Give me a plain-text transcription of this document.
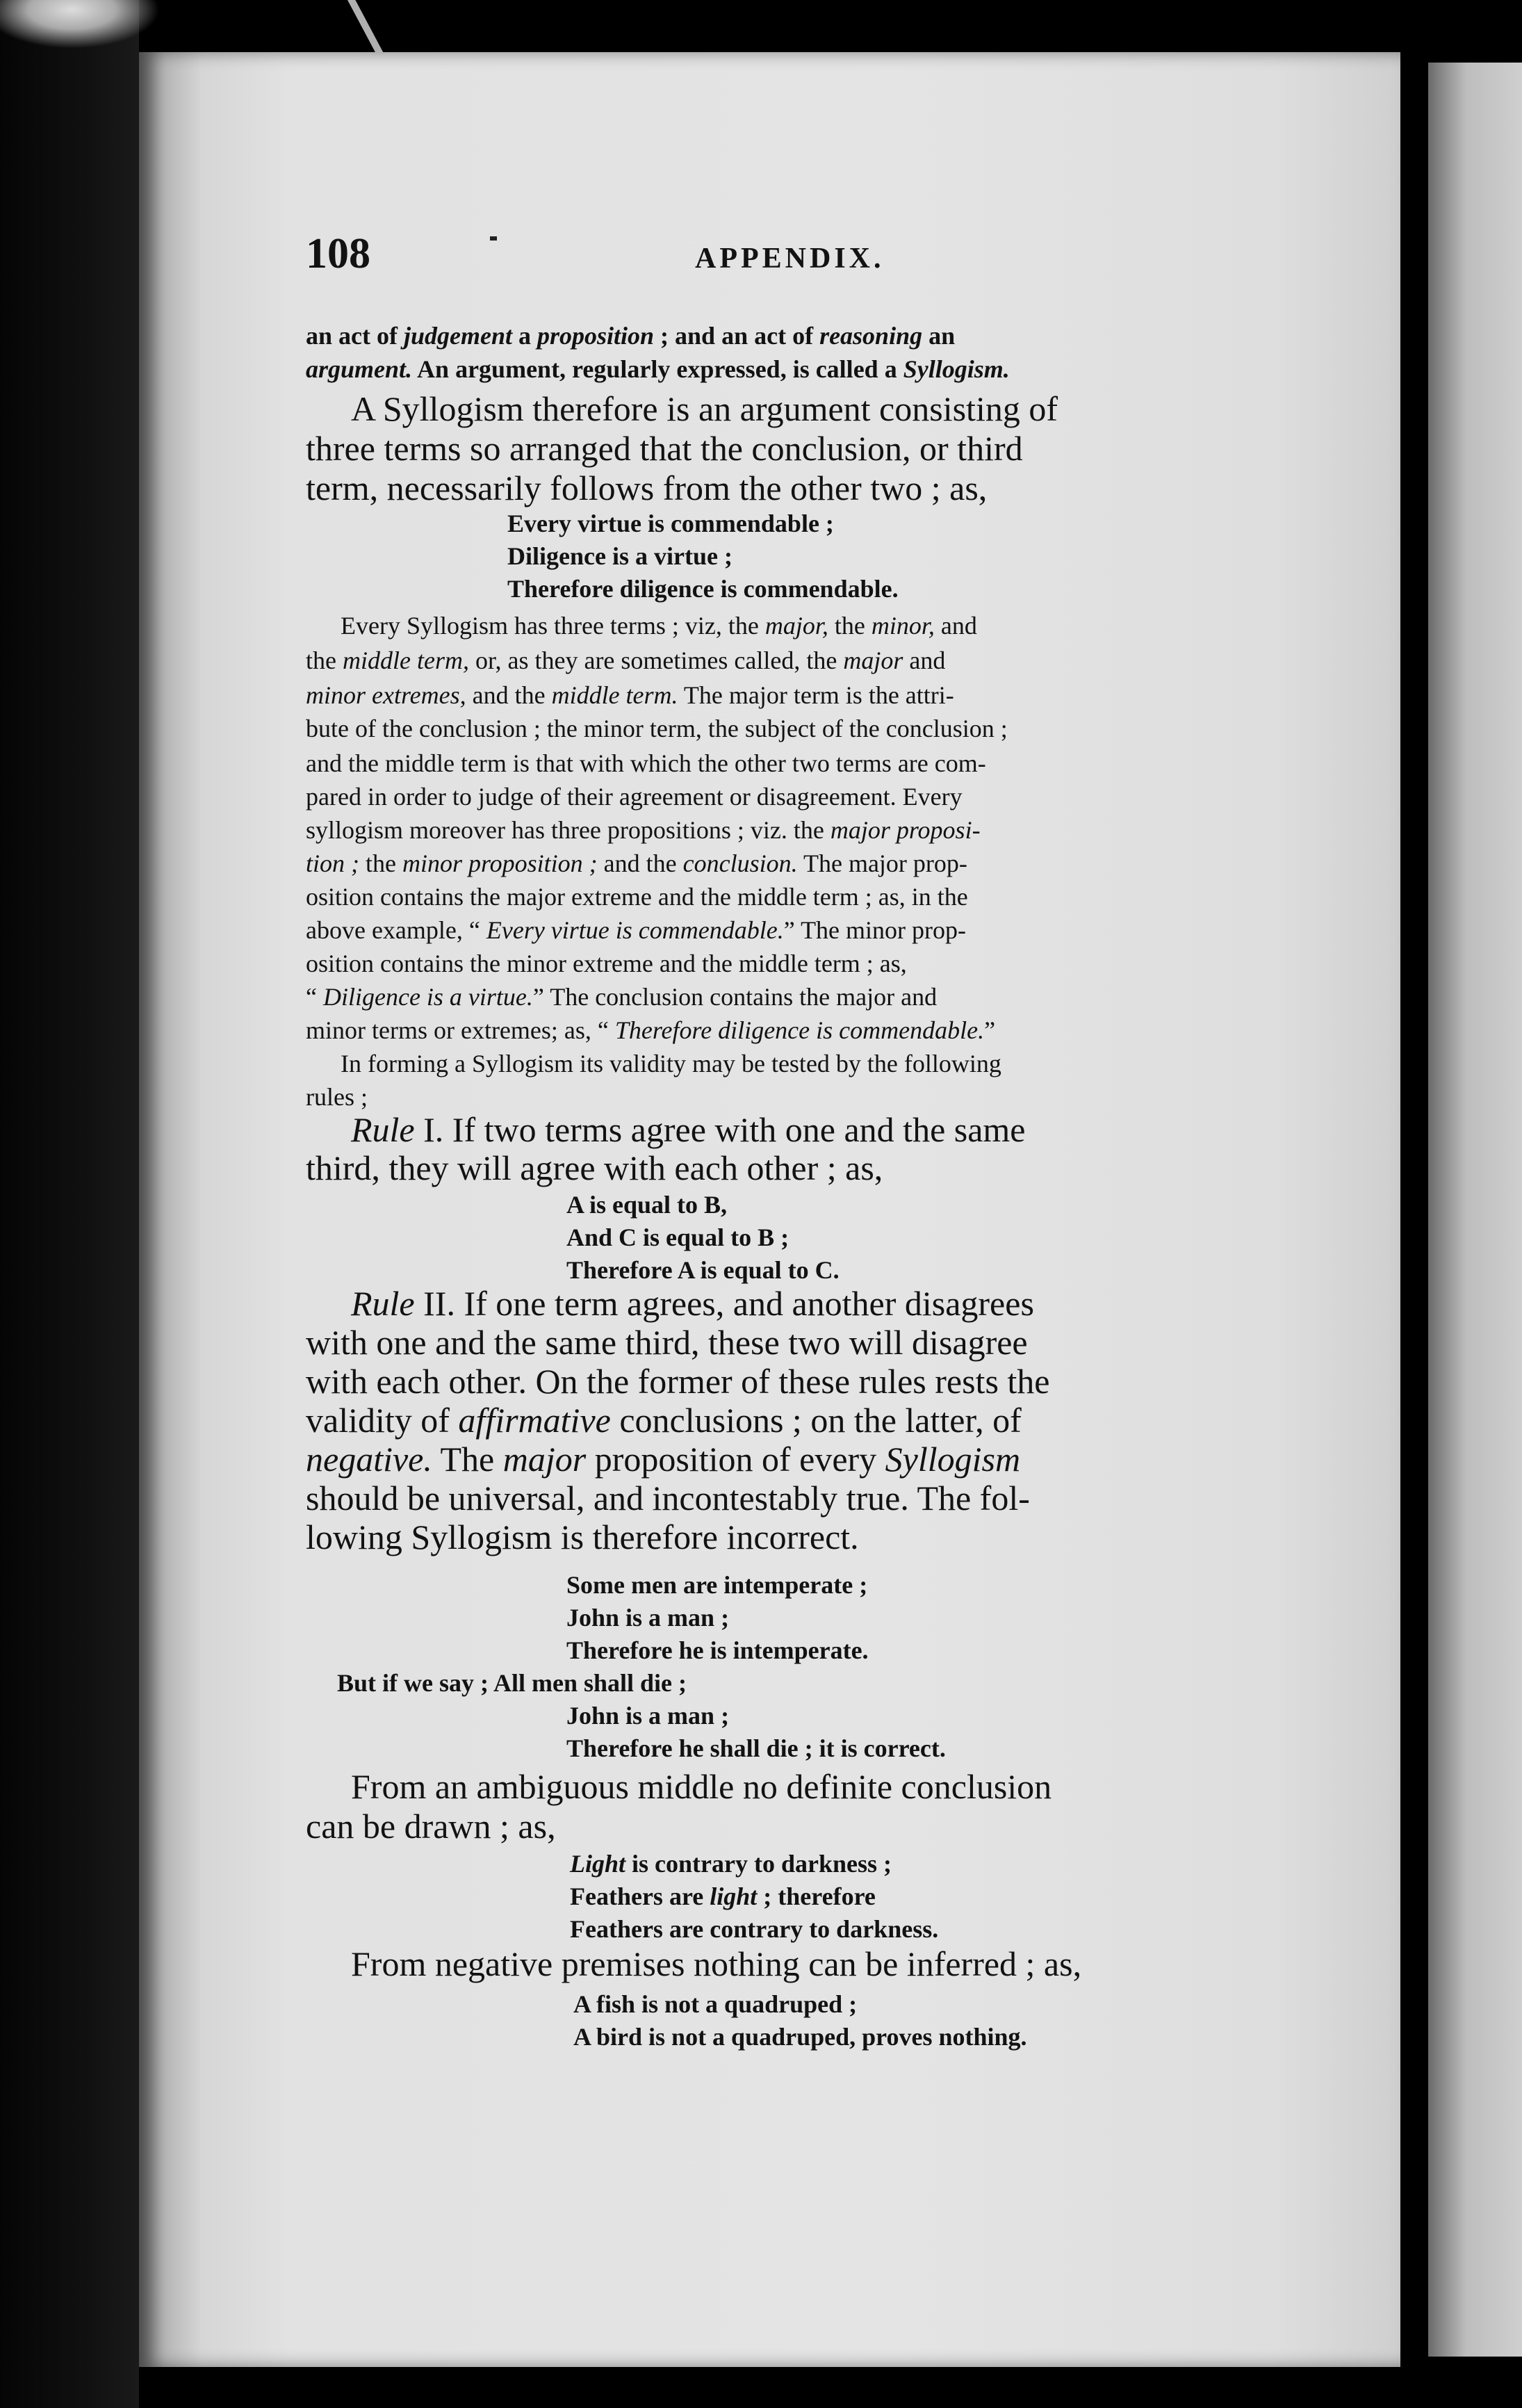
108	APPENDIX.
an act of judgement a proposition ; and an act of reasoning an
argument. An argument, regularly expressed, is called a Syllogism.
A Syllogism therefore is an argument consisting of
three terms so arranged that the conclusion, or third
term, necessarily follows from the other two ; as,
Every virtue is commendable ;
Diligence is a virtue ;
Therefore diligence is commendable.
Every Syllogism has three terms ; viz, the major, the minor, and
the middle term, or, as they are sometimes called, the major and
minor extremes, and the middle term. The major term is the attri-
bute of the conclusion ; the minor term, the subject of the conclusion ;
and the middle term is that with which the other two terms are com-
pared in order to judge of their agreement or disagreement. Every
syllogism moreover has three propositions ; viz. the major proposi-
tion ; the minor proposition ; and the conclusion. The major prop-
osition contains the major extreme and the middle term ; as, in the
above example, “ Every virtue is commendable.” The minor prop-
osition contains the minor extreme and the middle term ; as,
“ Diligence is a virtue.” The conclusion contains the major and
minor terms or extremes; as, “ Therefore diligence is commendable.”
In forming a Syllogism its validity may be tested by the following
rules ;
Rule I. If two terms agree with one and the same
third, they will agree with each other ; as,
A is equal to B,
And C is equal to B ;
Therefore A is equal to C.
Rule II. If one term agrees, and another disagrees
with one and the same third, these two will disagree
with each other. On the former of these rules rests the
validity of affirmative conclusions ; on the latter, of
negative. The major proposition of every Syllogism
should be universal, and incontestably true. The fol-
lowing Syllogism is therefore incorrect.
Some men are intemperate ;
John is a man ;
Therefore he is intemperate.
But if we say ; All men shall die ;
John is a man ;
Therefore he shall die ; it is correct.
From an ambiguous middle no definite conclusion
can be drawn ; as,
Light is contrary to darkness ;
Feathers are light ; therefore
Feathers are contrary to darkness.
From negative premises nothing can be inferred ; as,
A fish is not a quadruped ;
A bird is not a quadruped, proves nothing.
